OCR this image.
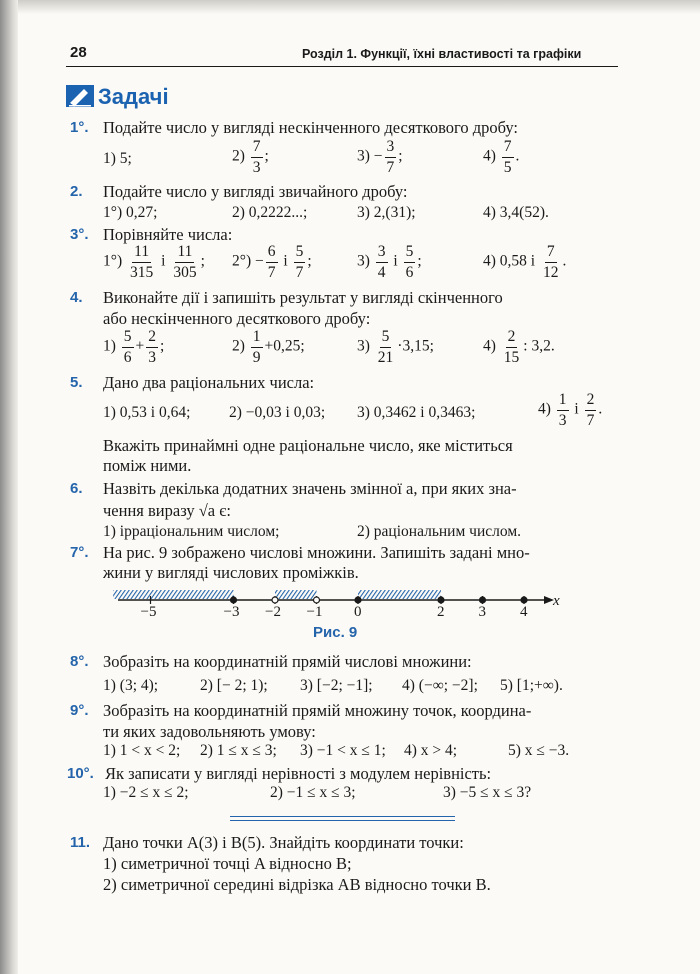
28	Розділ 1. Функції, їхні властивості та графіки
Задачі
1°. Подайте число у вигляді нескінченного десяткового дробу:
1) 5;	$2) \frac{7}{3}$ ;	$3) - \frac{3}{7}$ ;	$4) \frac{7}{5}$ .
2. Подайте число у вигляді звичайного дробу:
1°) 0,27;	2) 0,2222...;	3) 2,(31);	4) 3,4(52).
3°. Порівняйте числа:
$1^\circ) \frac{11}{315}$ і $\frac{11}{305}$ ; $2^\circ) - \frac{6}{7}$ і $\frac{5}{7}$ ;	$3) \frac{3}{4}$ і $\frac{5}{6}$ ;	4) 0,58 і $\frac{7}{12}$ .
4. Виконайте дії і запишіть результат у вигляді скінченного
або нескінченного десяткового дробу:
$1) \frac{5}{6} + \frac{2}{3}$ ;	$2) \frac{1}{9} +0,25$;	$3) \frac{5}{21} \cdot 3,15$;	$4) \frac{2}{15}$ : 3,2.
5. Дано два раціональних числа:
1) 0,53 і 0,64; 2) −0,03 і 0,03; 3) 0,3462 і 0,3463;	$4) \frac{1}{3}$ і $\frac{2}{7}$ .
Вкажіть принаймні одне раціональне число, яке міститься
поміж ними.
6. Назвіть декілька додатних значень змінної a, при яких зна-
чення виразу √a є:
1) ірраціональним числом;	2) раціональним числом.
7°. На рис. 9 зображено числові множини. Запишіть задані мно-
жини у вигляді числових проміжків.
x
−5	−3 −2 −1 0	2 3 4
Рис. 9
8°. Зобразіть на координатній прямій числові множини:
1) (3; 4);	2) [− 2; 1); 3) [−2; −1]; 4) (−∞; −2]; 5) [1;+∞).
9°. Зобразіть на координатній прямій множину точок, координа-
ти яких задовольняють умову:
1) 1 < x < 2; 2) 1 ≤ x ≤ 3; 3) −1 < x ≤ 1; 4) x > 4;	5) x ≤ −3.
10°. Як записати у вигляді нерівності з модулем нерівність:
1) −2 ≤ x ≤ 2;	2) −1 ≤ x ≤ 3;	3) −5 ≤ x ≤ 3?
11. Дано точки A(3) і B(5). Знайдіть координати точки:
1) симетричної точці A відносно B;
2) симетричної середині відрізка AB відносно точки B.
